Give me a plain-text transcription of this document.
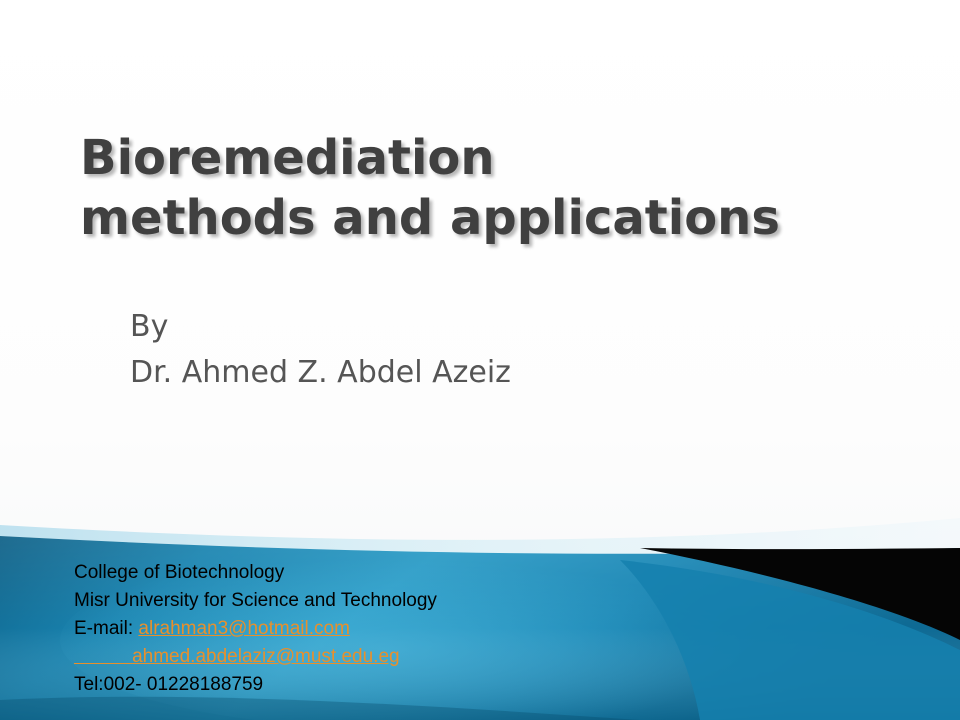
Bioremediation
methods and applications
By
Dr. Ahmed Z. Abdel Azeiz
College of Biotechnology
Misr University for Science and Technology
E-mail: alrahman3@hotmail.com
ahmed.abdelaziz@must.edu.eg
Tel:002- 01228188759
